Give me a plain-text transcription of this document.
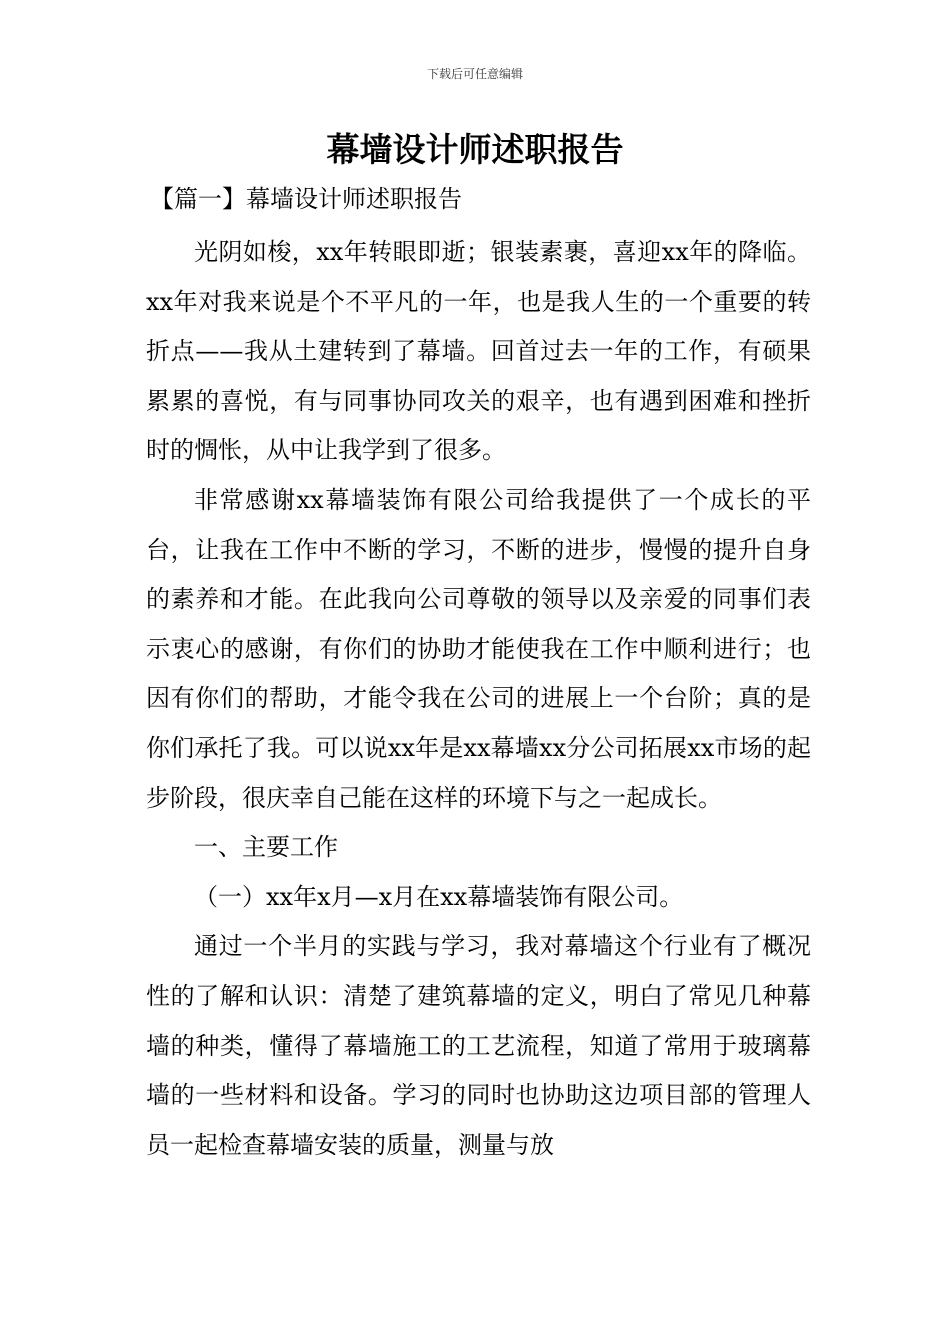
下载后可任意编辑
幕墙设计师述职报告
【篇一】幕墙设计师述职报告

光阴如梭，xx年转眼即逝；银装素裹，喜迎xx年的降临。xx年对我来说是个不平凡的一年，也是我人生的一个重要的转折点——我从土建转到了幕墙。回首过去一年的工作，有硕果累累的喜悦，有与同事协同攻关的艰辛，也有遇到困难和挫折时的惆怅，从中让我学到了很多。

非常感谢xx幕墙装饰有限公司给我提供了一个成长的平台，让我在工作中不断的学习，不断的进步，慢慢的提升自身的素养和才能。在此我向公司尊敬的领导以及亲爱的同事们表示衷心的感谢，有你们的协助才能使我在工作中顺利进行；也因有你们的帮助，才能令我在公司的进展上一个台阶；真的是你们承托了我。可以说xx年是xx幕墙xx分公司拓展xx市场的起步阶段，很庆幸自己能在这样的环境下与之一起成长。

一、主要工作

（一）xx年x月—x月在xx幕墙装饰有限公司。

通过一个半月的实践与学习，我对幕墙这个行业有了概况性的了解和认识：清楚了建筑幕墙的定义，明白了常见几种幕墙的种类，懂得了幕墙施工的工艺流程，知道了常用于玻璃幕墙的一些材料和设备。学习的同时也协助这边项目部的管理人员一起检查幕墙安装的质量，测量与放
